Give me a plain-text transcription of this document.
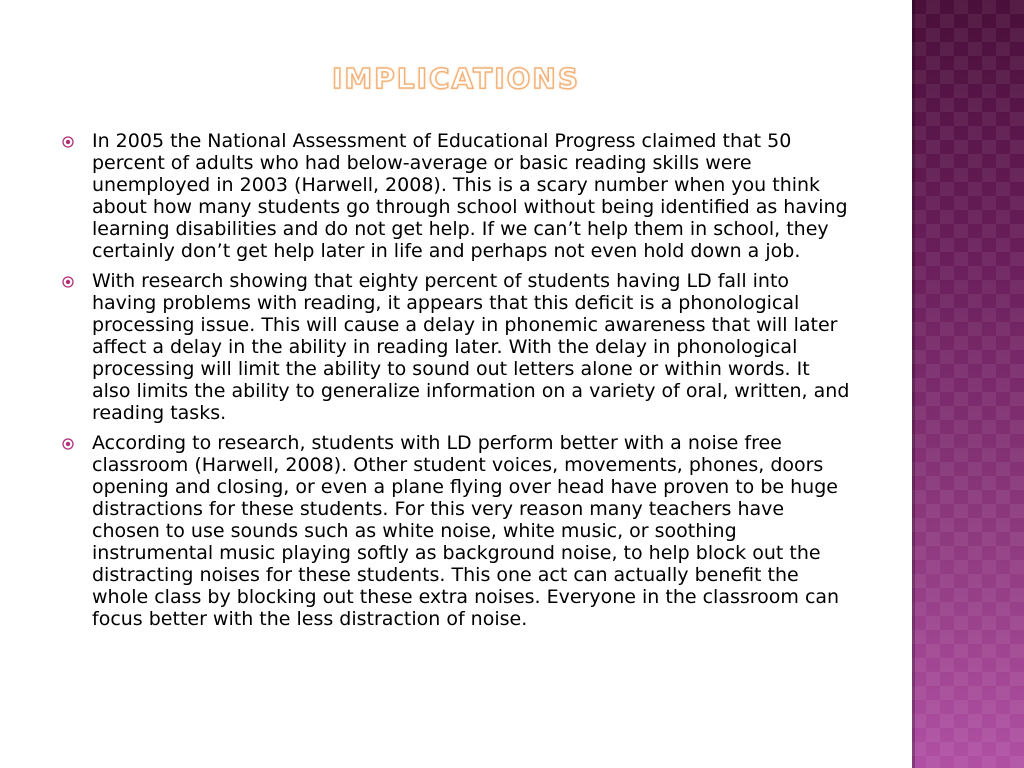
implications
In 2005 the National Assessment of Educational Progress claimed that 50 percent of adults who had below-average or basic reading skills were unemployed in 2003 (Harwell, 2008). This is a scary number when you think about how many students go through school without being identified as having learning disabilities and do not get help. If we can’t help them in school, they certainly don’t get help later in life and perhaps not even hold down a job.
With research showing that eighty percent of students having LD fall into having problems with reading, it appears that this deficit is a phonological processing issue. This will cause a delay in phonemic awareness that will later affect a delay in the ability in reading later. With the delay in phonological processing will limit the ability to sound out letters alone or within words. It also limits the ability to generalize information on a variety of oral, written, and reading tasks.
According to research, students with LD perform better with a noise free classroom (Harwell, 2008). Other student voices, movements, phones, doors opening and closing, or even a plane flying over head have proven to be huge distractions for these students. For this very reason many teachers have chosen to use sounds such as white noise, white music, or soothing instrumental music playing softly as background noise, to help block out the distracting noises for these students. This one act can actually benefit the whole class by blocking out these extra noises. Everyone in the classroom can focus better with the less distraction of noise.
